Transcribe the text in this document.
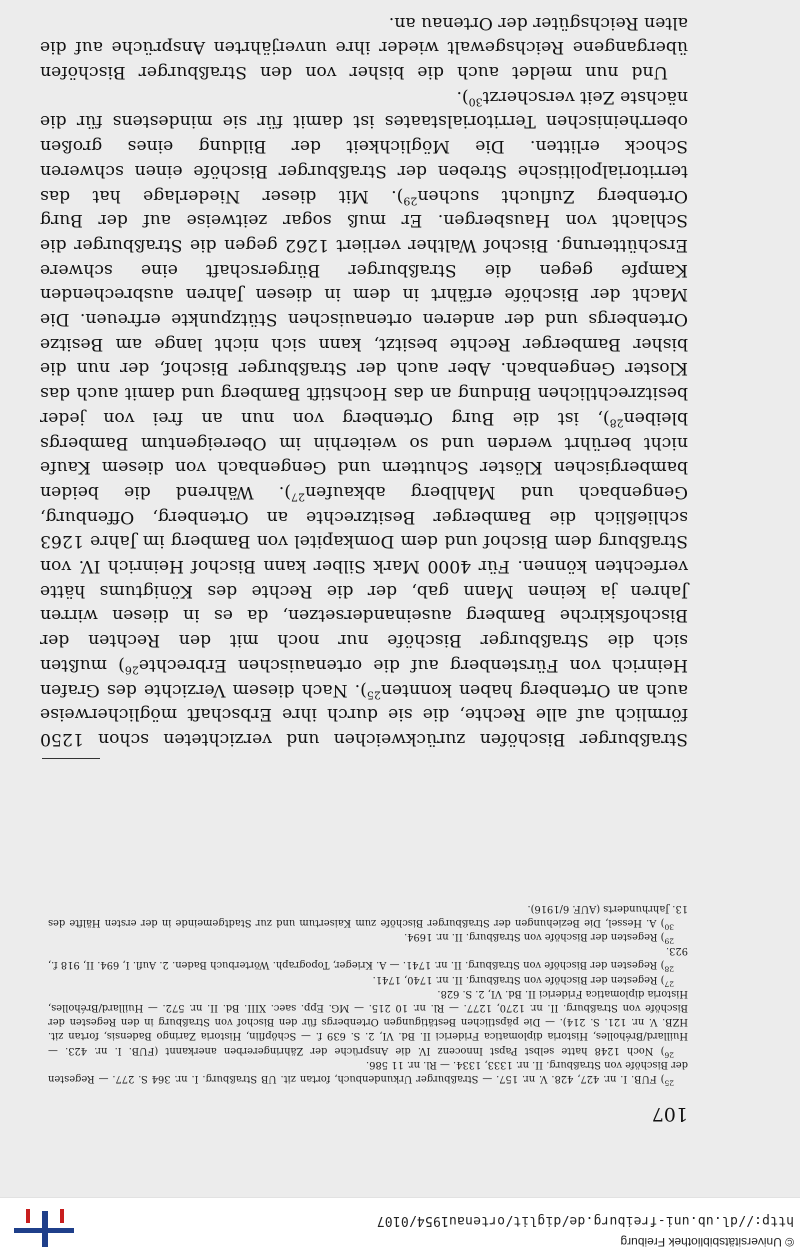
© Universitätsbibliothek Freiburg
http://dl.ub.uni-freiburg.de/diglit/ortenau1954/0107

Straßburger Bischöfen zurückweichen und verzichteten schon 1250 förmlich auf alle Rechte, die sie durch ihre Erbschaft möglicherweise auch an Ortenberg haben konnten$^{25}$). Nach diesem Verzichte des Grafen Heinrich von Fürstenberg auf die ortenauischen Erbrechte$^{26}$) mußten sich die Straßburger Bischöfe nur noch mit den Rechten der Bischofskirche Bamberg auseinandersetzen, da es in diesen wirren Jahren ja keinen Mann gab, der die Rechte des Königtums hätte verfechten können. Für 4000 Mark Silber kann Bischof Heinrich IV. von Straßburg dem Bischof und dem Domkapitel von Bamberg im Jahre 1263 schließlich die Bamberger Besitzrechte an Ortenberg, Offenburg, Gengenbach und Mahlberg abkaufen$^{27}$). Während die beiden bambergischen Klöster Schuttern und Gengenbach von diesem Kaufe nicht berührt werden und so weiterhin im Obereigentum Bambergs bleiben$^{28}$), ist die Burg Ortenberg von nun an frei von jeder besitzrechtlichen Bindung an das Hochstift Bamberg und damit auch das Kloster Gengenbach. Aber auch der Straßburger Bischof, der nun die bisher Bamberger Rechte besitzt, kann sich nicht lange am Besitze Ortenbergs und der anderen ortenauischen Stützpunkte erfreuen. Die Macht der Bischöfe erfährt in dem in diesen Jahren ausbrechenden Kampfe gegen die Straßburger Bürgerschaft eine schwere Erschütterung. Bischof Walther verliert 1262 gegen die Straßburger die Schlacht von Hausbergen. Er muß sogar zeitweise auf der Burg Ortenberg Zuflucht suchen$^{29}$). Mit dieser Niederlage hat das territorialpolitische Streben der Straßburger Bischöfe einen schweren Schock erlitten. Die Möglichkeit der Bildung eines großen oberrheinischen Territorialstaates ist damit für sie mindestens für die nächste Zeit verscherzt$^{30}$).

Und nun meldet auch die bisher von den Straßburger Bischöfen übergangene Reichsgewalt wieder ihre unverjährten Ansprüche auf die alten Reichsgüter der Ortenau an.

$^{25}$) FUB. I. nr. 427, 428. V. nr. 157. — Straßburger Urkundenbuch, fortan zit. UB Straßburg. I. nr. 364 S. 277. — Regesten der Bischöfe von Straßburg. II. nr. 1333, 1334. — Rl. nr. 11 586.

$^{26}$) Noch 1248 hatte selbst Papst Innocenz IV. die Ansprüche der Zähringererben anerkannt (FUB. I. nr. 423. — Huillard/Bréholles, Historia diplomatica Friderici II. Bd. VI, 2. S. 639 f. — Schöpflin, Historia Zaringo Badensis, fortan zit. HZB. V. nr. 121. S. 214). — Die päpstlichen Bestätigungen Ortenbergs für den Bischof von Straßburg in den Regesten der Bischöfe von Straßburg. II. nr. 1270, 1277. — Rl. nr. 10 215. — MG. Epp. saec. XIII. Bd. II. nr. 572. — Huillard/Bréholles, Historia diplomatica Friderici II. Bd. VI, 2. S. 628.

$^{27}$) Regesten der Bischöfe von Straßburg. II. nr. 1740, 1741.

$^{28}$) Regesten der Bischöfe von Straßburg. II. nr. 1741. — A. Krieger, Topograph. Wörterbuch Baden. 2. Aufl. I, 694. II, 918 f., 923.

$^{29}$) Regesten der Bischöfe von Straßburg. II. nr. 1694.

$^{30}$) A. Hessel, Die Beziehungen der Straßburger Bischöfe zum Kaisertum und zur Stadtgemeinde in der ersten Hälfte des 13. Jahrhunderts (AUF. 6/1916).

107
